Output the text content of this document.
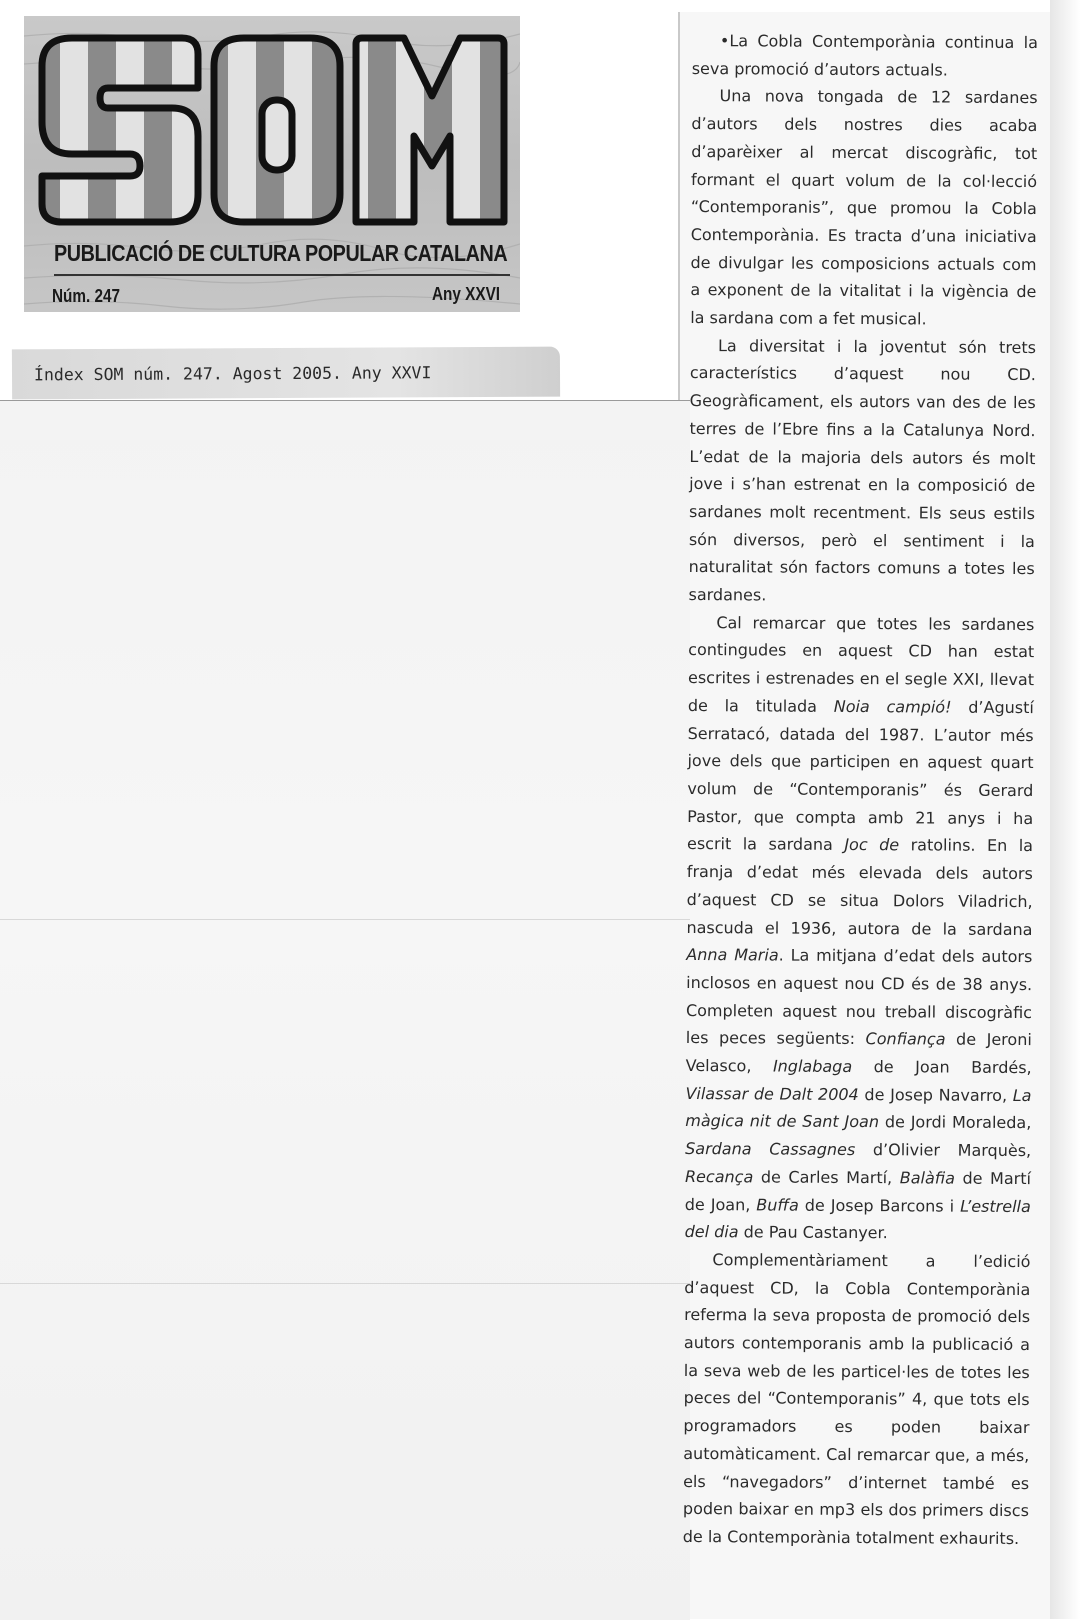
PUBLICACIÓ DE CULTURA POPULAR CATALANA
Núm. 247	Any XXVI
Índex SOM núm. 247. Agost 2005. Any XXVI

•La Cobla Contemporània continua la seva promoció d’autors actuals.

Una nova tongada de 12 sardanes d’autors dels nostres dies acaba d’aparèixer al mercat discogràfic, tot formant el quart volum de la col·lecció “Contemporanis”, que promou la Cobla Contemporània. Es tracta d’una iniciativa de divulgar les composicions actuals com a exponent de la vitalitat i la vigència de la sardana com a fet musical.

La diversitat i la joventut són trets característics d’aquest nou CD. Geogràficament, els autors van des de les terres de l’Ebre fins a la Catalunya Nord. L’edat de la majoria dels autors és molt jove i s’han estrenat en la composició de sardanes molt recentment. Els seus estils són diversos, però el sentiment i la naturalitat són factors comuns a totes les sardanes.

Cal remarcar que totes les sardanes contingudes en aquest CD han estat escrites i estrenades en el segle XXI, llevat de la titulada Noia campió! d’Agustí Serratacó, datada del 1987. L’autor més jove dels que participen en aquest quart volum de “Contemporanis” és Gerard Pastor, que compta amb 21 anys i ha escrit la sardana Joc de ratolins. En la franja d’edat més elevada dels autors d’aquest CD se situa Dolors Viladrich, nascuda el 1936, autora de la sardana Anna Maria. La mitjana d’edat dels autors inclosos en aquest nou CD és de 38 anys. Completen aquest nou treball discogràfic les peces següents: Confiança de Jeroni Velasco, Inglabaga de Joan Bardés, Vilassar de Dalt 2004 de Josep Navarro, La màgica nit de Sant Joan de Jordi Moraleda, Sardana Cassagnes d’Olivier Marquès, Recança de Carles Martí, Balàfia de Martí de Joan, Buffa de Josep Barcons i L’estrella del dia de Pau Castanyer.

Complementàriament a l’edició d’aquest CD, la Cobla Contemporània referma la seva proposta de promoció dels autors contemporanis amb la publicació a la seva web de les particel·les de totes les peces del “Contemporanis” 4, que tots els programadors es poden baixar automàticament. Cal remarcar que, a més, els “navegadors” d’internet també es poden baixar en mp3 els dos primers discs de la Contemporània totalment exhaurits.
